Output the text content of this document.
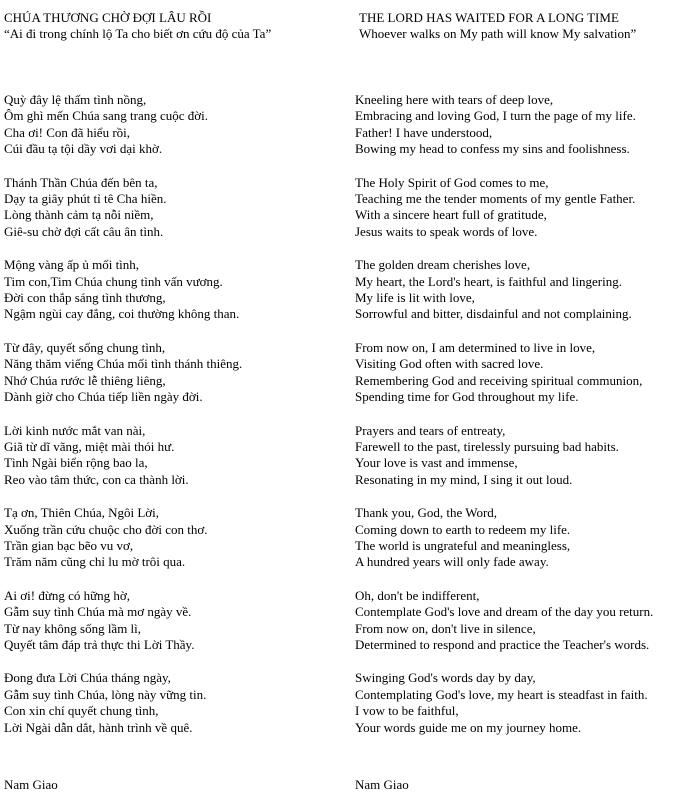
CHÚA THƯƠNG CHỜ ĐỢI LÂU RỒI
“Ai đi trong chính lộ Ta cho biết ơn cứu độ của Ta”
Quỳ đây lệ thấm tình nồng,
Ôm ghì mến Chúa sang trang cuộc đời.
Cha ơi! Con đã hiểu rồi,
Cúi đầu tạ tội dầy vơi dại khờ.
Thánh Thần Chúa đến bên ta,
Dạy ta giây phút tỉ tê Cha hiền.
Lòng thành cảm tạ nỗi niềm,
Giê-su chờ đợi cất câu ân tình.
Mộng vàng ấp ủ mối tình,
Tim con,Tim Chúa chung tình vấn vương.
Đời con thắp sáng tình thương,
Ngậm ngùi cay đắng, coi thường không than.
Từ đây, quyết sống chung tình,
Năng thăm viếng Chúa mối tình thánh thiêng.
Nhớ Chúa rước lễ thiêng liêng,
Dành giờ cho Chúa tiếp liền ngày đời.
Lời kinh nước mắt van nài,
Giã từ dĩ vãng, miệt mài thói hư.
Tình Ngài biển rộng bao la,
Reo vào tâm thức, con ca thành lời.
Tạ ơn, Thiên Chúa, Ngôi Lời,
Xuống trần cứu chuộc cho đời con thơ.
Trần gian bạc bẽo vu vơ,
Trăm năm cũng chỉ lu mờ trôi qua.
Ai ơi! đừng có hững hờ,
Gẫm suy tình Chúa mà mơ ngày về.
Từ nay không sống lầm lì,
Quyết tâm đáp trả thực thi Lời Thầy.
Đong đưa Lời Chúa tháng ngày,
Gẫm suy tình Chúa, lòng này vững tin.
Con xin chí quyết chung tình,
Lời Ngài dẫn dắt, hành trình về quê.
Nam Giao
THE LORD HAS WAITED FOR A LONG TIME
Whoever walks on My path will know My salvation”
Kneeling here with tears of deep love,
Embracing and loving God, I turn the page of my life.
Father! I have understood,
Bowing my head to confess my sins and foolishness.
The Holy Spirit of God comes to me,
Teaching me the tender moments of my gentle Father.
With a sincere heart full of gratitude,
Jesus waits to speak words of love.
The golden dream cherishes love,
My heart, the Lord's heart, is faithful and lingering.
My life is lit with love,
Sorrowful and bitter, disdainful and not complaining.
From now on, I am determined to live in love,
Visiting God often with sacred love.
Remembering God and receiving spiritual communion,
Spending time for God throughout my life.
Prayers and tears of entreaty,
Farewell to the past, tirelessly pursuing bad habits.
Your love is vast and immense,
Resonating in my mind, I sing it out loud.
Thank you, God, the Word,
Coming down to earth to redeem my life.
The world is ungrateful and meaningless,
A hundred years will only fade away.
Oh, don't be indifferent,
Contemplate God's love and dream of the day you return.
From now on, don't live in silence,
Determined to respond and practice the Teacher's words.
Swinging God's words day by day,
Contemplating God's love, my heart is steadfast in faith.
I vow to be faithful,
Your words guide me on my journey home.
Nam Giao
